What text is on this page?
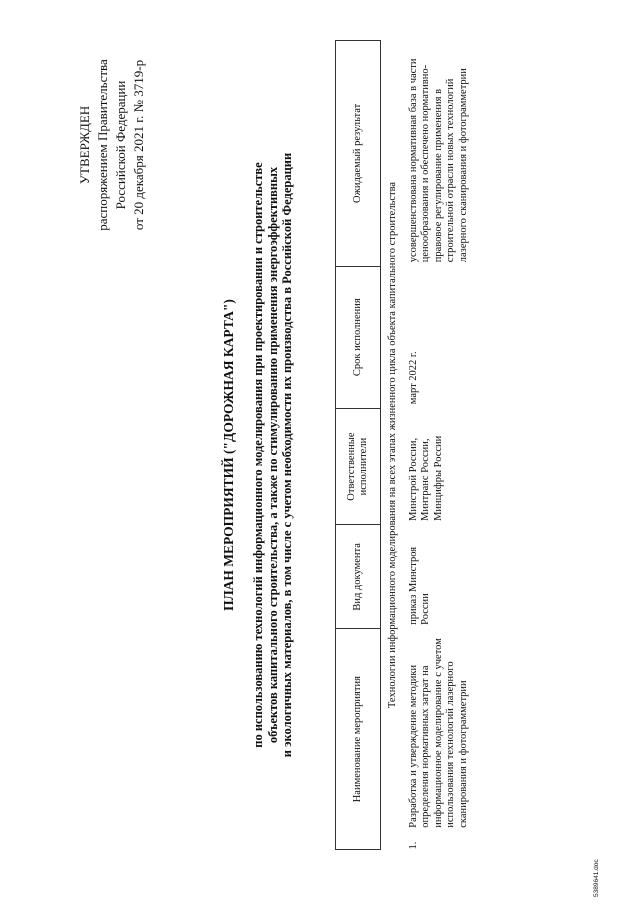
УТВЕРЖДЕН распоряжением Правительства Российской Федерации от 20 декабря 2021 г. № 3719-р
ПЛАН МЕРОПРИЯТИЙ ("ДОРОЖНАЯ КАРТА") по использованию технологий информационного моделирования при проектировании и строительстве объектов капитального строительства, а также по стимулированию применения энергоэффективных и экологичных материалов, в том числе с учетом необходимости их производства в Российской Федерации	Наименование мероприятия		Вид документа	Ответственные исполнители	Срок исполнения	Ожидаемый результат
Технологии информационного моделирования на всех этапах жизненного цикла объекта капитального строительства					
1.	Разработка и утверждение методики определения нормативных затрат на информационное моделирование с учетом использования технологий лазерного сканирования и фотограмметрии	приказ Минстроя России	Минстрой России, Минтранс России, Минцифры России	март 2022 г.	усовершенствована нормативная база в части ценообразования и обеспечено нормативно-правовое регулирование применения в строительной отрасли новых технологий лазерного сканирования и фотограмметрии
5389641.doc
